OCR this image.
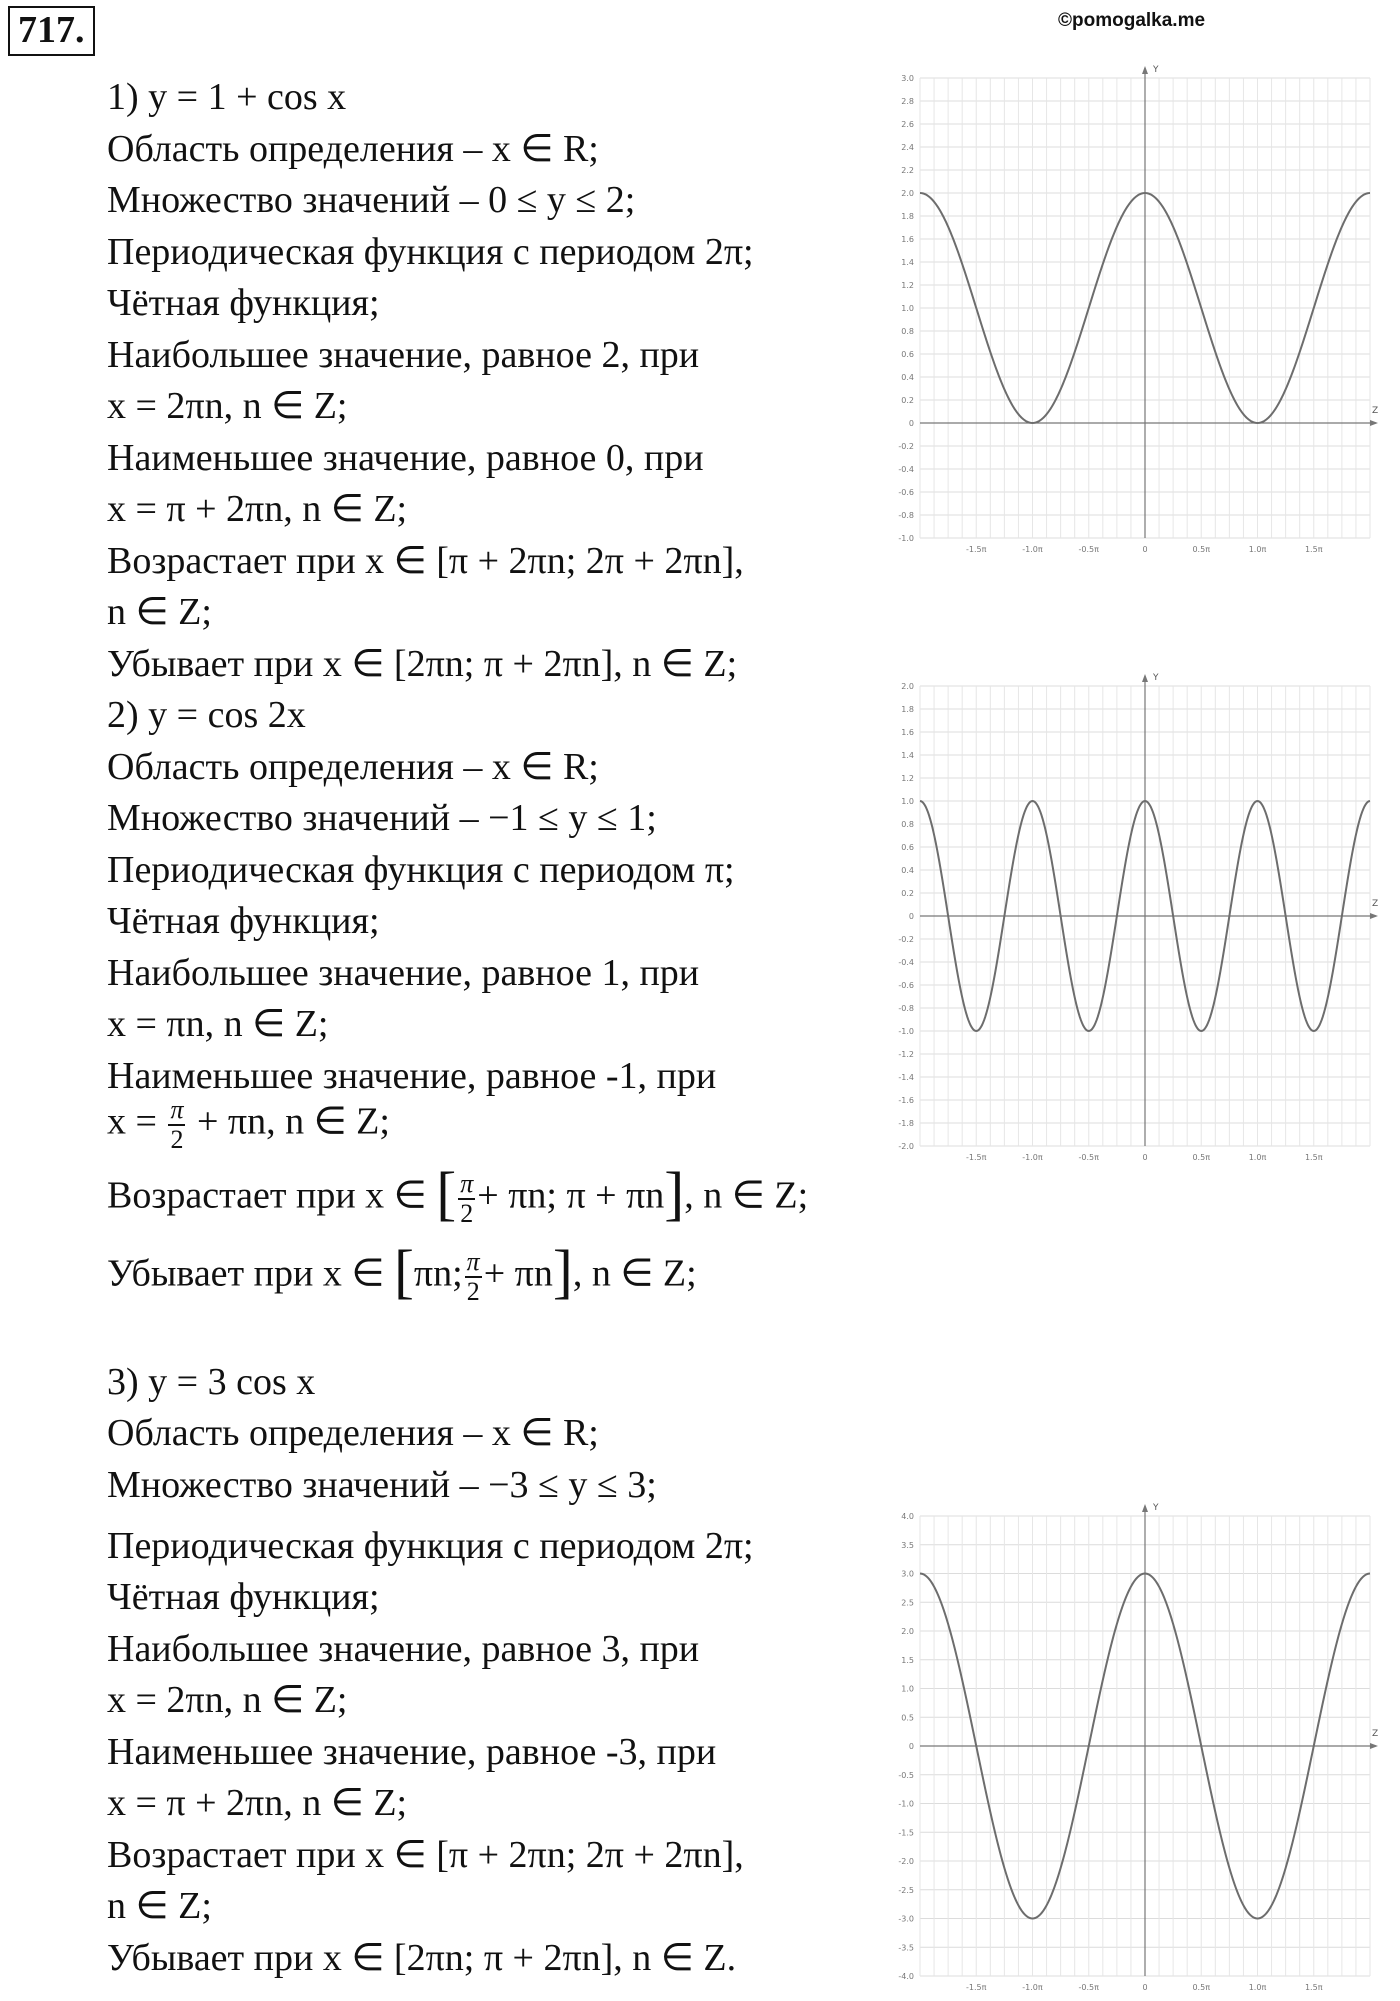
717.	©pomogalka.me
1) y = 1 + cos x
Область определения – x ∈ R;
Множество значений – 0 ≤ y ≤ 2;
Периодическая функция с периодом 2π;
Чётная функция;
Наибольшее значение, равное 2, при
x = 2πn, n ∈ Z;
Наименьшее значение, равное 0, при
x = π + 2πn, n ∈ Z;
Возрастает при x ∈ [π + 2πn; 2π + 2πn],
n ∈ Z;
Убывает при x ∈ [2πn; π + 2πn], n ∈ Z;
2) y = cos 2x
Область определения – x ∈ R;
Множество значений – −1 ≤ y ≤ 1;
Периодическая функция с периодом π;
Чётная функция;
Наибольшее значение, равное 1, при
x = πn, n ∈ Z;
Наименьшее значение, равное -1, при
3) y = 3 cos x
Область определения – x ∈ R;
Множество значений – −3 ≤ y ≤ 3;
Периодическая функция с периодом 2π;
Чётная функция;
Наибольшее значение, равное 3, при
x = 2πn, n ∈ Z;
Наименьшее значение, равное -3, при
x = π + 2πn, n ∈ Z;
Возрастает при x ∈ [π + 2πn; 2π + 2πn],
n ∈ Z;
Убывает при x ∈ [2πn; π + 2πn], n ∈ Z.
$x = \frac{\pi}{2} + \pi n$, n ∈ Z;
Возрастает при x ∈ [ $\frac{\pi}{2} + \pi n$; π + πn], n ∈ Z;
Убывает при x ∈ [πn; $\frac{\pi}{2} + \pi n$], n ∈ Z;
3.0
2.8
2.6
2.4
2.2
2.0
1.8
1.6
1.4
1.2
1.0
0.8
0.6
0.4
0.2
0
-0.2
-0.4
-0.6
-0.8
-1.0
Z
Y
-1.5π	-1.0π	-0.5π	0	0.5π	1.0π	1.5π
2.0
1.8
1.6
1.4
1.2
1.0
0.8
0.6
0.4
0.2
0
-0.2
-0.4
-0.6
-0.8
-1.0
-1.2
-1.4
-1.6
-1.8
-2.0
Z
Y
-1.5π	-1.0π	-0.5π	0	0.5π	1.0π	1.5π
4.0
3.5
3.0
2.5
2.0
1.5
1.0
0.5
0
-0.5
-1.0
-1.5
-2.0
-2.5
-3.0
-3.5
-4.0
Z
Y
-1.5π	-1.0π	-0.5π	0	0.5π	1.0π	1.5π
